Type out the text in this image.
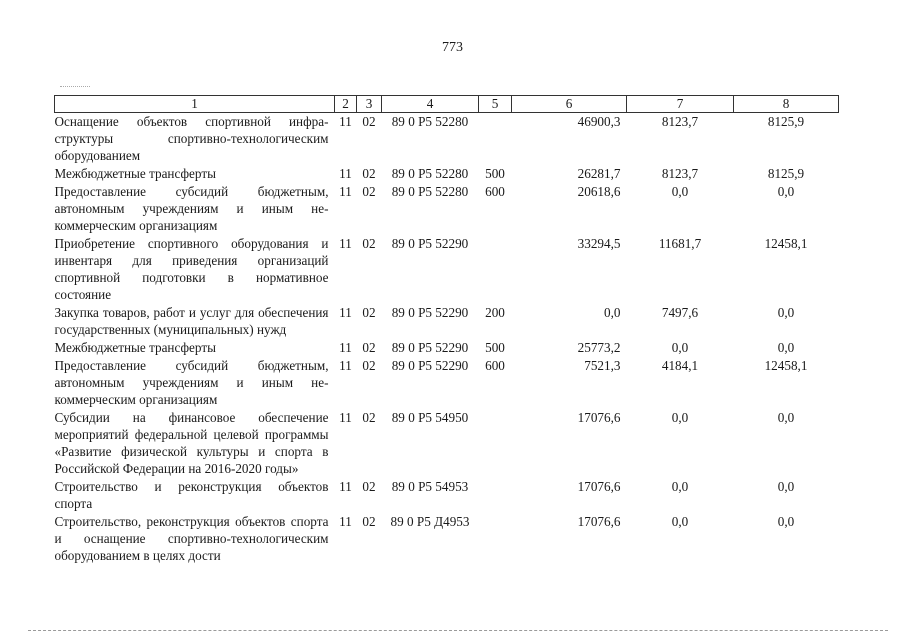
773
1	2	3	4	5	6	7	8
Оснащение объектов спортивной инфраструктуры спортивно-технологическим оборудованием	11	02	89 0 P5 52280		46900,3	8123,7	8125,9
Межбюджетные трансферты	11	02	89 0 P5 52280	500	26281,7	8123,7	8125,9
Предоставление субсидий бюджетным, автономным учреждениям и иным некоммерческим организациям	11	02	89 0 P5 52280	600	20618,6	0,0	0,0
Приобретение спортивного оборудования и инвентаря для приведения организаций спортивной подготовки в нормативное состояние	11	02	89 0 P5 52290		33294,5	11681,7	12458,1
Закупка товаров, работ и услуг для обеспечения государственных (муниципальных) нужд	11	02	89 0 P5 52290	200	0,0	7497,6	0,0
Межбюджетные трансферты	11	02	89 0 P5 52290	500	25773,2	0,0	0,0
Предоставление субсидий бюджетным, автономным учреждениям и иным некоммерческим организациям	11	02	89 0 P5 52290	600	7521,3	4184,1	12458,1
Субсидии на финансовое обеспечение мероприятий федеральной целевой программы «Развитие физической культуры и спорта в Российской Федерации на 2016-2020 годы»	11	02	89 0 P5 54950		17076,6	0,0	0,0
Строительство и реконструкция объектов спорта	11	02	89 0 P5 54953		17076,6	0,0	0,0
Строительство, реконструкция объектов спорта и оснащение спортивно-технологическим оборудованием в целях дости	11	02	89 0 P5 Д4953		17076,6	0,0	0,0
